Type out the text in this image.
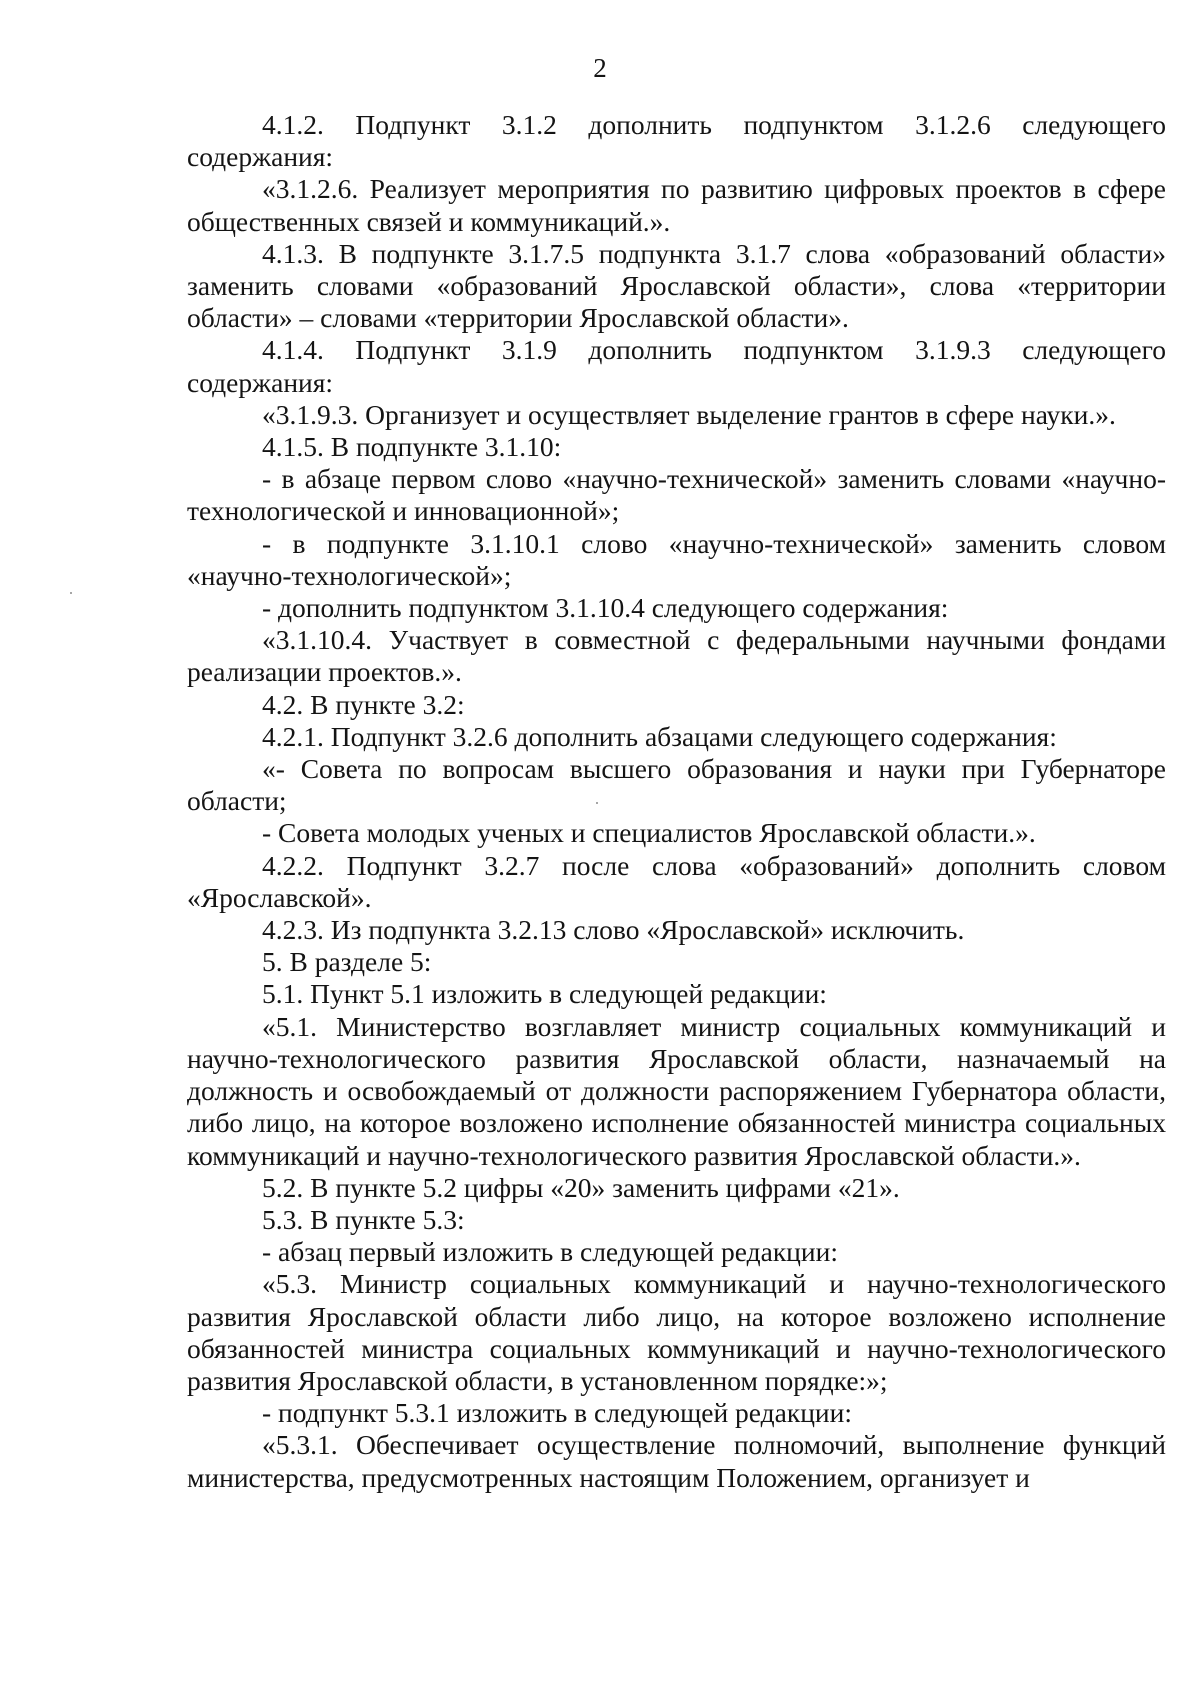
2

4.1.2. Подпункт 3.1.2 дополнить подпунктом 3.1.2.6 следующего содержания:

«3.1.2.6. Реализует мероприятия по развитию цифровых проектов в сфере общественных связей и коммуникаций.».

4.1.3. В подпункте 3.1.7.5 подпункта 3.1.7 слова «образований области» заменить словами «образований Ярославской области», слова «территории области» – словами «территории Ярославской области».

4.1.4. Подпункт 3.1.9 дополнить подпунктом 3.1.9.3 следующего содержания:

«3.1.9.3. Организует и осуществляет выделение грантов в сфере науки.».

4.1.5. В подпункте 3.1.10:

- в абзаце первом слово «научно-технической» заменить словами «научно-технологической и инновационной»;

- в подпункте 3.1.10.1 слово «научно-технической» заменить словом «научно-технологической»;

- дополнить подпунктом 3.1.10.4 следующего содержания:

«3.1.10.4. Участвует в совместной с федеральными научными фондами реализации проектов.».

4.2. В пункте 3.2:

4.2.1. Подпункт 3.2.6 дополнить абзацами следующего содержания:

«- Совета по вопросам высшего образования и науки при Губернаторе области;

- Совета молодых ученых и специалистов Ярославской области.».

4.2.2. Подпункт 3.2.7 после слова «образований» дополнить словом «Ярославской».

4.2.3. Из подпункта 3.2.13 слово «Ярославской» исключить.

5. В разделе 5:

5.1. Пункт 5.1 изложить в следующей редакции:

«5.1. Министерство возглавляет министр социальных коммуникаций и научно-технологического развития Ярославской области, назначаемый на должность и освобождаемый от должности распоряжением Губернатора области, либо лицо, на которое возложено исполнение обязанностей министра социальных коммуникаций и научно-технологического развития Ярославской области.».

5.2. В пункте 5.2 цифры «20» заменить цифрами «21».

5.3. В пункте 5.3:

- абзац первый изложить в следующей редакции:

«5.3. Министр социальных коммуникаций и научно-технологического развития Ярославской области либо лицо, на которое возложено исполнение обязанностей министра социальных коммуникаций и научно-технологического развития Ярославской области, в установленном порядке:»;

- подпункт 5.3.1 изложить в следующей редакции:

«5.3.1. Обеспечивает осуществление полномочий, выполнение функций министерства, предусмотренных настоящим Положением, организует и
